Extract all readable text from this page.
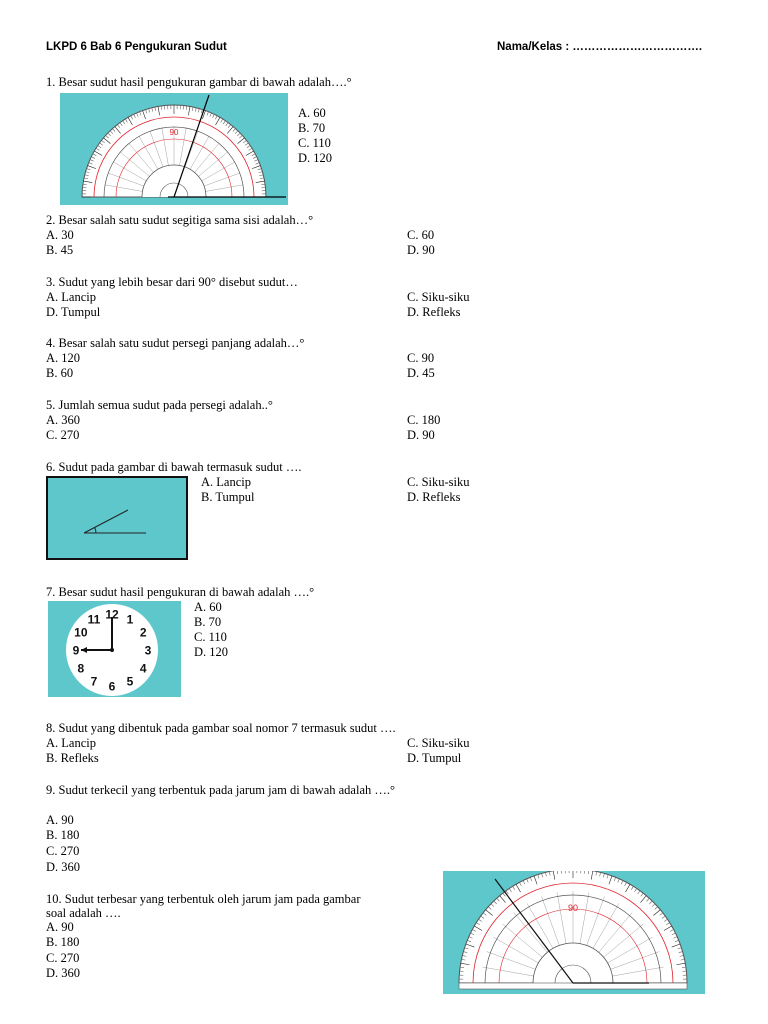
LKPD 6 Bab 6 Pengukuran Sudut	Nama/Kelas : …………………………….
1. Besar sudut hasil pengukuran gambar di bawah adalah….°
90
A. 60
B. 70
C. 110
D. 120
2. Besar salah satu sudut segitiga sama sisi adalah…°
A. 30
B. 45
C. 60
D. 90
3. Sudut yang lebih besar dari 90° disebut sudut…
A. Lancip
D. Tumpul
C. Siku-siku
D. Refleks
4. Besar salah satu sudut persegi panjang adalah…°
A. 120
B. 60
C. 90
D. 45
5. Jumlah semua sudut pada persegi adalah..°
A. 360
C. 270
C. 180
D. 90
6. Sudut pada gambar di bawah termasuk sudut ….
A. Lancip
B. Tumpul
C. Siku-siku
D. Refleks
7. Besar sudut hasil pengukuran di bawah adalah ….°
12 1
2
3
4
5
6
7
8
9
10
11
A. 60
B. 70
C. 110
D. 120
8. Sudut yang dibentuk pada gambar soal nomor 7 termasuk sudut ….
A. Lancip
B. Refleks
C. Siku-siku
D. Tumpul
9. Sudut terkecil yang terbentuk pada jarum jam di bawah adalah ….°
A. 90
B. 180
C. 270
D. 360
10. Sudut terbesar yang terbentuk oleh jarum jam pada gambar
soal adalah ….
A. 90
B. 180
C. 270
D. 360
90
